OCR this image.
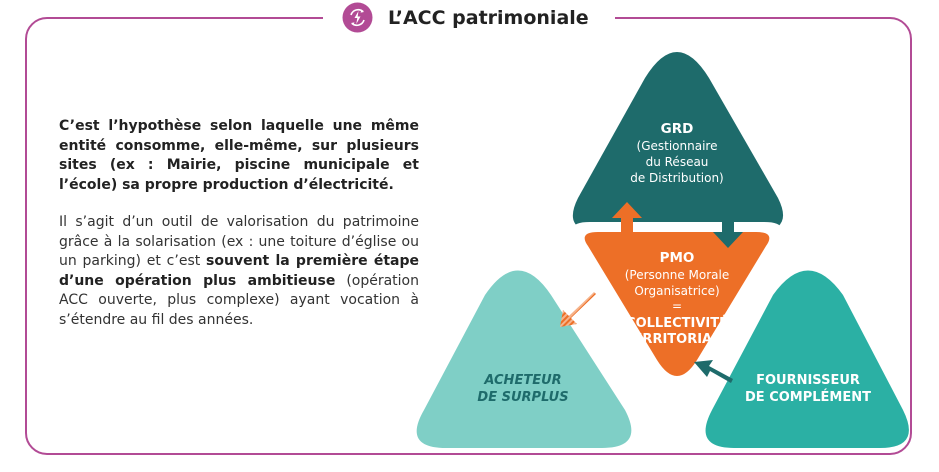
L’ACC patrimoniale

C’est l’hypothèse selon laquelle une même entité consomme, elle-même, sur plusieurs sites (ex : Mairie, piscine municipale et l’école) sa propre production d’électricité.

Il s’agit d’un outil de valorisation du patrimoine grâce à la solarisation (ex : une toiture d’église ou un parking) et c’est souvent la première étape d’une opération plus ambitieuse (opération ACC ouverte, plus complexe) ayant vocation à s’étendre au fil des années.

GRD
(Gestionnaire
du Réseau
de Distribution)
PMO
(Personne Morale
Organisatrice)
=
COLLECTIVITÉ
TERRITORIALE
ACHETEUR
DE SURPLUS
FOURNISSEUR
DE COMPLÉMENT
